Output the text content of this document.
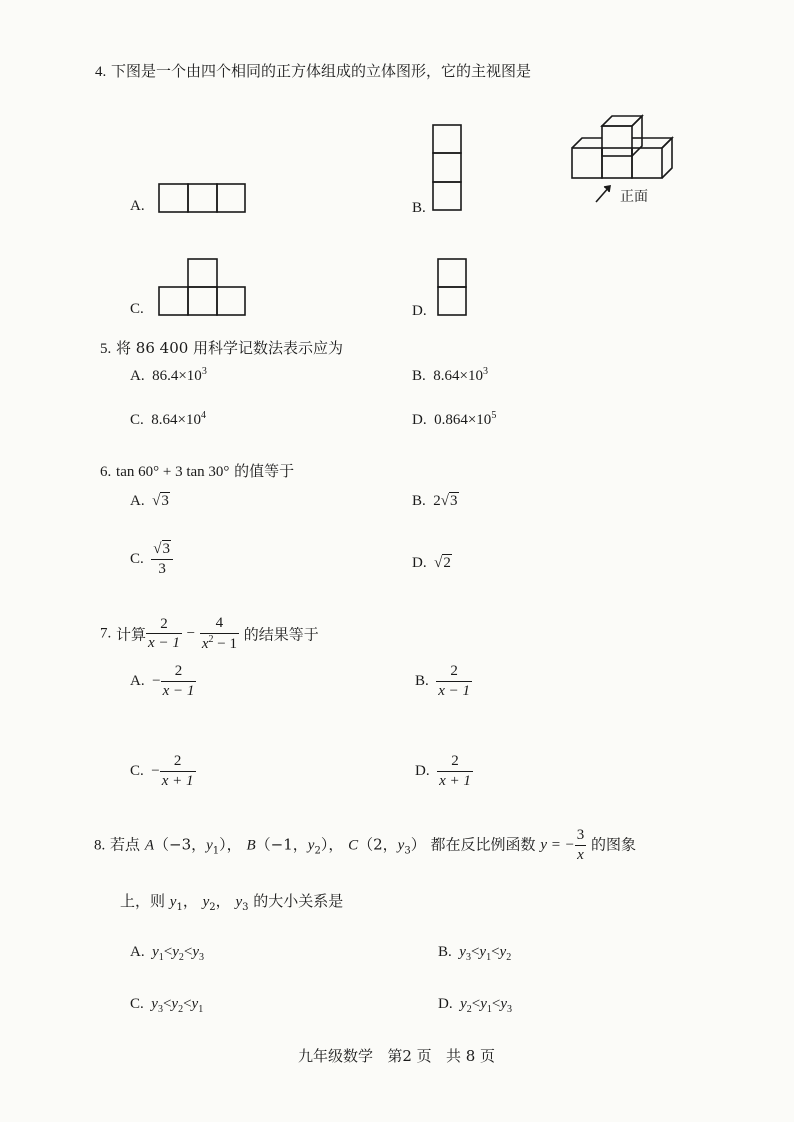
4. 下图是一个由四个相同的正方体组成的立体图形，它的主视图是
正面
A.	B.
C.	D.
5. 将 86 400 用科学记数法表示应为
A. $86.4\times 10^3$	B. $8.64\times 10^3$
C. $8.64\times 10^4$	D. $0.864\times 10^5$
6. tan 60° + 3 tan 30° 的值等于
A. √3	B. 2√3
C. $\frac{√3}{3}$	D. √2
7. 计算 $\frac{2}{x - 1} - \frac{4}{x^2 - 1}$ 的结果等于
A. − $\frac{2}{x - 1}$	B. $\frac{2}{x - 1}$
C. − $\frac{2}{x + 1}$	D. $\frac{2}{x + 1}$
8. 若点 A（−3，$y_1$）， B（−1，$y_2$）， C（2，$y_3$） 都在反比例函数 y = − $\frac{3}{x}$ 的图象
上，则 $y_1$， $y_2$， $y_3$ 的大小关系是
A. $y_1<y_2<y_3$	B. $y_3<y_1<y_2$
C. $y_3<y_2<y_1$	D. $y_2<y_1<y_3$
九年级数学 第2 页 共 8 页
